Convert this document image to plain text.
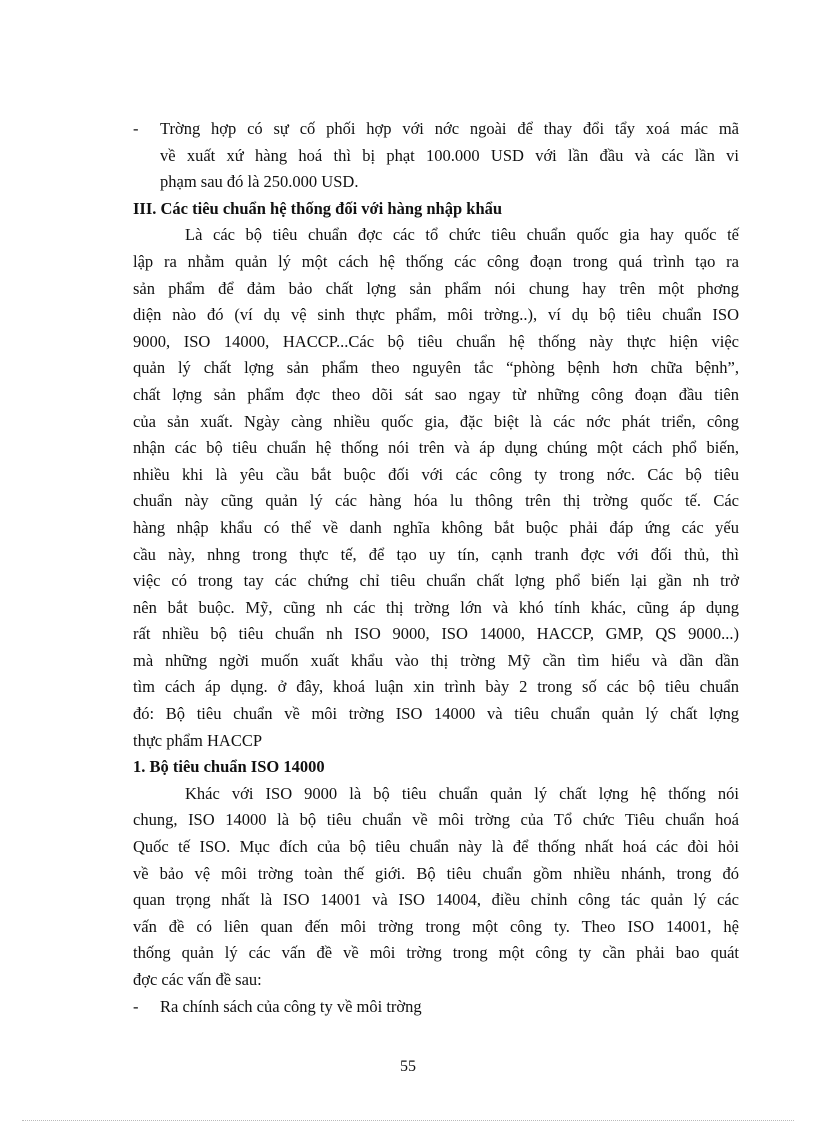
-	Trờng hợp có sự cố phối hợp với nớc ngoài để thay đổi tẩy xoá mác mã
về xuất xứ hàng hoá thì bị phạt 100.000 USD với lần đầu và các lần vi
phạm sau đó là 250.000 USD.
III. Các tiêu chuẩn hệ thống đối với hàng nhập khẩu
Là các bộ tiêu chuẩn đợc các tổ chức tiêu chuẩn quốc gia hay quốc tế
lập ra nhằm quản lý một cách hệ thống các công đoạn trong quá trình tạo ra
sản phẩm để đảm bảo chất lợng sản phẩm nói chung hay trên một phơng
diện nào đó (ví dụ vệ sinh thực phẩm, môi trờng..), ví dụ bộ tiêu chuẩn ISO
9000, ISO 14000, HACCP...Các bộ tiêu chuẩn hệ thống này thực hiện việc
quản lý chất lợng sản phẩm theo nguyên tắc “phòng bệnh hơn chữa bệnh”,
chất lợng sản phẩm đợc theo dõi sát sao ngay từ những công đoạn đầu tiên
của sản xuất. Ngày càng nhiều quốc gia, đặc biệt là các nớc phát triển, công
nhận các bộ tiêu chuẩn hệ thống nói trên và áp dụng chúng một cách phổ biến,
nhiều khi là yêu cầu bắt buộc đối với các công ty trong nớc. Các bộ tiêu
chuẩn này cũng quản lý các hàng hóa lu thông trên thị trờng quốc tế. Các
hàng nhập khẩu có thể về danh nghĩa không bắt buộc phải đáp ứng các yếu
cầu này, nhng trong thực tế, để tạo uy tín, cạnh tranh đợc với đối thủ, thì
việc có trong tay các chứng chỉ tiêu chuẩn chất lợng phổ biến lại gần nh trở
nên bắt buộc. Mỹ, cũng nh các thị trờng lớn và khó tính khác, cũng áp dụng
rất nhiều bộ tiêu chuẩn nh ISO 9000, ISO 14000, HACCP, GMP, QS 9000...)
mà những ngời muốn xuất khẩu vào thị trờng Mỹ cần tìm hiểu và dần dần
tìm cách áp dụng. ở đây, khoá luận xin trình bày 2 trong số các bộ tiêu chuẩn
đó: Bộ tiêu chuẩn về môi trờng ISO 14000 và tiêu chuẩn quản lý chất lợng
thực phẩm HACCP
1. Bộ tiêu chuẩn ISO 14000
Khác với ISO 9000 là bộ tiêu chuẩn quản lý chất lợng hệ thống nói
chung, ISO 14000 là bộ tiêu chuẩn về môi trờng của Tổ chức Tiêu chuẩn hoá
Quốc tế ISO. Mục đích của bộ tiêu chuẩn này là để thống nhất hoá các đòi hỏi
về bảo vệ môi trờng toàn thế giới. Bộ tiêu chuẩn gồm nhiều nhánh, trong đó
quan trọng nhất là ISO 14001 và ISO 14004, điều chỉnh công tác quản lý các
vấn đề có liên quan đến môi trờng trong một công ty. Theo ISO 14001, hệ
thống quản lý các vấn đề về môi trờng trong một công ty cần phải bao quát
đợc các vấn đề sau:
-	Ra chính sách của công ty về môi trờng
55
